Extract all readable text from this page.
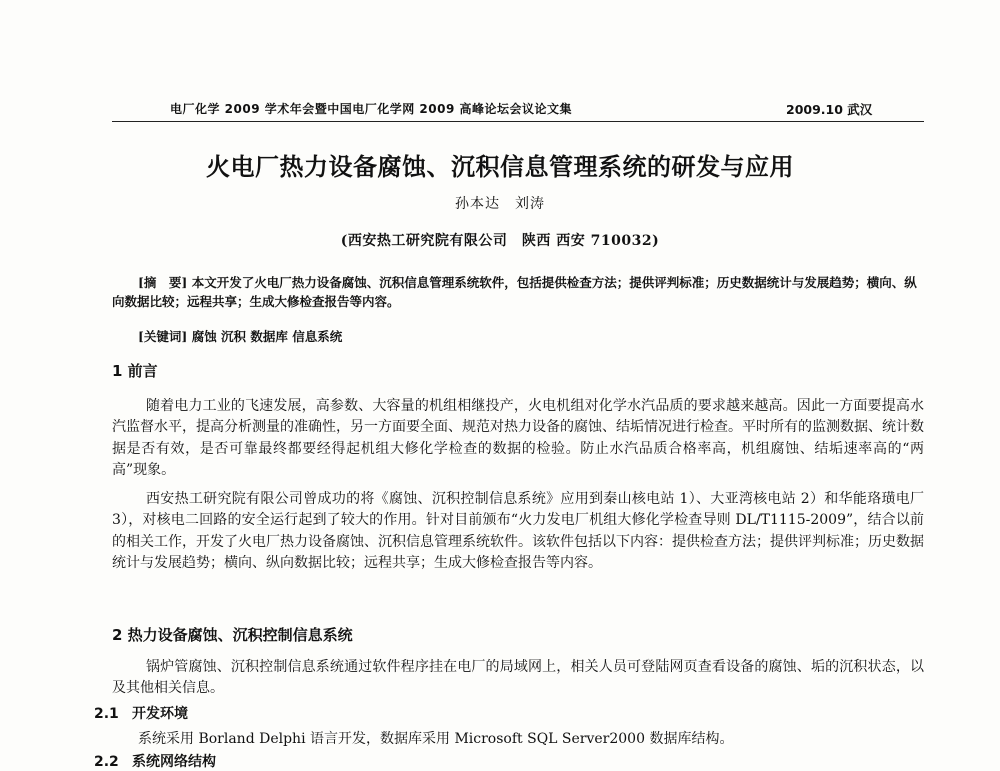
电厂化学 2009 学术年会暨中国电厂化学网 2009 高峰论坛会议论文集	2009.10 武汉
火电厂热力设备腐蚀、沉积信息管理系统的研发与应用
孙本达　刘涛
(西安热工研究院有限公司　陕西 西安 710032)
[摘　要] 本文开发了火电厂热力设备腐蚀、沉积信息管理系统软件，包括提供检查方法；提供评判标准；历史数据统计与发展趋势；横向、纵向数据比较；远程共享；生成大修检查报告等内容。
[关键词] 腐蚀 沉积 数据库 信息系统
1 前言
随着电力工业的飞速发展，高参数、大容量的机组相继投产，火电机组对化学水汽品质的要求越来越高。因此一方面要提高水汽监督水平，提高分析测量的准确性，另一方面要全面、规范对热力设备的腐蚀、结垢情况进行检查。平时所有的监测数据、统计数据是否有效，是否可靠最终都要经得起机组大修化学检查的数据的检验。防止水汽品质合格率高，机组腐蚀、结垢速率高的“两高”现象。
西安热工研究院有限公司曾成功的将《腐蚀、沉积控制信息系统》应用到秦山核电站 1）、大亚湾核电站 2）和华能珞璜电厂 3），对核电二回路的安全运行起到了较大的作用。针对目前颁布“火力发电厂机组大修化学检查导则 DL/T1115-2009”，结合以前的相关工作，开发了火电厂热力设备腐蚀、沉积信息管理系统软件。该软件包括以下内容：提供检查方法；提供评判标准；历史数据统计与发展趋势；横向、纵向数据比较；远程共享；生成大修检查报告等内容。
2 热力设备腐蚀、沉积控制信息系统
锅炉管腐蚀、沉积控制信息系统通过软件程序挂在电厂的局域网上，相关人员可登陆网页查看设备的腐蚀、垢的沉积状态，以及其他相关信息。
2.1 开发环境
系统采用 Borland Delphi 语言开发，数据库采用 Microsoft SQL Server2000 数据库结构。
2.2 系统网络结构
